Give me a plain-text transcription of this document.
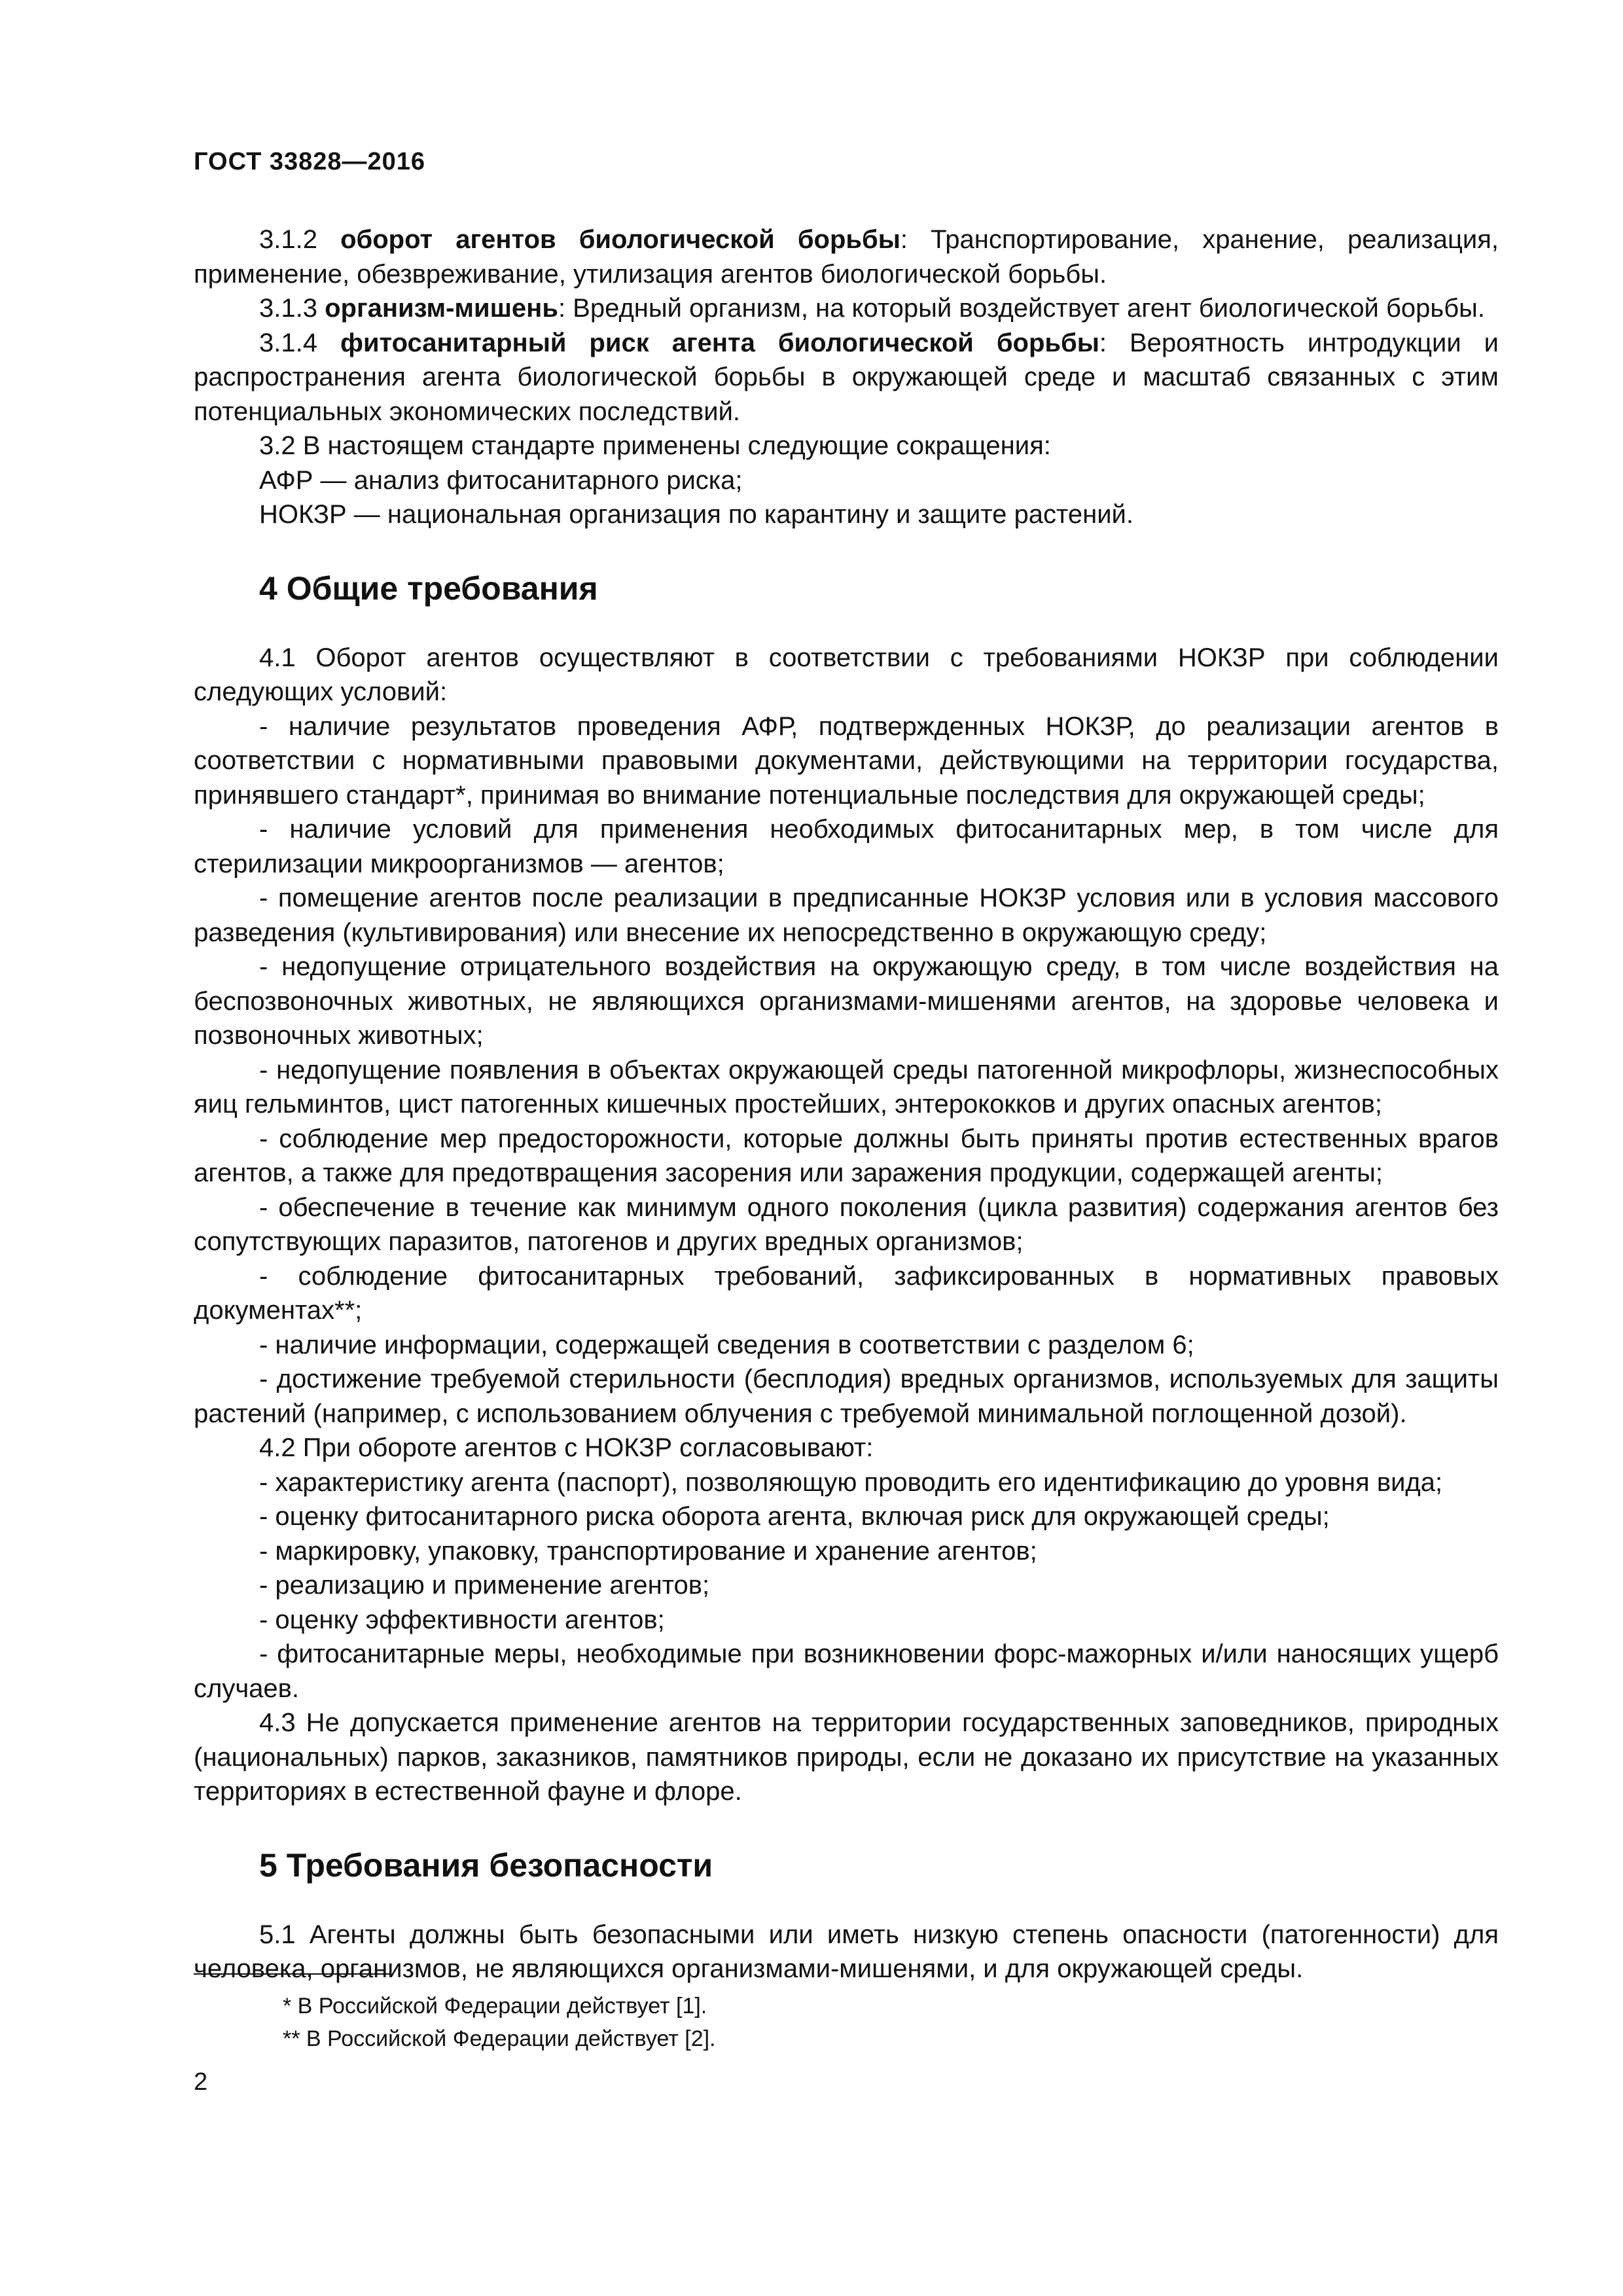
ГОСТ 33828—2016

3.1.2 оборот агентов биологической борьбы: Транспортирование, хранение, реализация, применение, обезвреживание, утилизация агентов биологической борьбы.

3.1.3 организм-мишень: Вредный организм, на который воздействует агент биологической борьбы.

3.1.4 фитосанитарный риск агента биологической борьбы: Вероятность интродукции и распространения агента биологической борьбы в окружающей среде и масштаб связанных с этим потенциальных экономических последствий.

3.2 В настоящем стандарте применены следующие сокращения:

АФР — анализ фитосанитарного риска;

НОКЗР — национальная организация по карантину и защите растений.

4 Общие требования

4.1 Оборот агентов осуществляют в соответствии с требованиями НОКЗР при соблюдении следующих условий:

- наличие результатов проведения АФР, подтвержденных НОКЗР, до реализации агентов в соответствии с нормативными правовыми документами, действующими на территории государства, принявшего стандарт*, принимая во внимание потенциальные последствия для окружающей среды;

- наличие условий для применения необходимых фитосанитарных мер, в том числе для стерилизации микроорганизмов — агентов;

- помещение агентов после реализации в предписанные НОКЗР условия или в условия массового разведения (культивирования) или внесение их непосредственно в окружающую среду;

- недопущение отрицательного воздействия на окружающую среду, в том числе воздействия на беспозвоночных животных, не являющихся организмами-мишенями агентов, на здоровье человека и позвоночных животных;

- недопущение появления в объектах окружающей среды патогенной микрофлоры, жизнеспособных яиц гельминтов, цист патогенных кишечных простейших, энтерококков и других опасных агентов;

- соблюдение мер предосторожности, которые должны быть приняты против естественных врагов агентов, а также для предотвращения засорения или заражения продукции, содержащей агенты;

- обеспечение в течение как минимум одного поколения (цикла развития) содержания агентов без сопутствующих паразитов, патогенов и других вредных организмов;

- соблюдение фитосанитарных требований, зафиксированных в нормативных правовых документах**;

- наличие информации, содержащей сведения в соответствии с разделом 6;

- достижение требуемой стерильности (бесплодия) вредных организмов, используемых для защиты растений (например, с использованием облучения с требуемой минимальной поглощенной дозой).

4.2 При обороте агентов с НОКЗР согласовывают:

- характеристику агента (паспорт), позволяющую проводить его идентификацию до уровня вида;

- оценку фитосанитарного риска оборота агента, включая риск для окружающей среды;

- маркировку, упаковку, транспортирование и хранение агентов;

- реализацию и применение агентов;

- оценку эффективности агентов;

- фитосанитарные меры, необходимые при возникновении форс-мажорных и/или наносящих ущерб случаев.

4.3 Не допускается применение агентов на территории государственных заповедников, природных (национальных) парков, заказников, памятников природы, если не доказано их присутствие на указанных территориях в естественной фауне и флоре.

5 Требования безопасности

5.1 Агенты должны быть безопасными или иметь низкую степень опасности (патогенности) для человека, организмов, не являющихся организмами-мишенями, и для окружающей среды.

* В Российской Федерации действует [1].
** В Российской Федерации действует [2].
2
